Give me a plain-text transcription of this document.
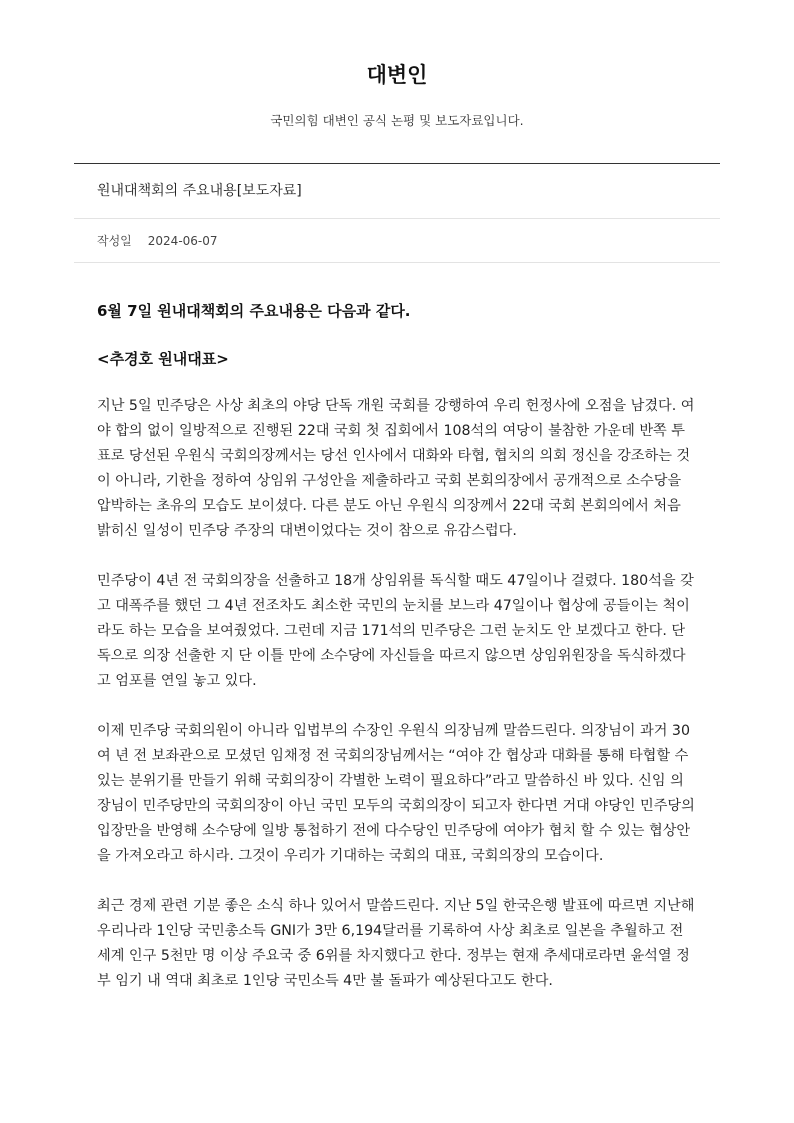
대변인
국민의힘 대변인 공식 논평 및 보도자료입니다.
원내대책회의 주요내용[보도자료]
작성일 2024-06-07

6월 7일 원내대책회의 주요내용은 다음과 같다.

<추경호 원내대표>

지난 5일 민주당은 사상 최초의 야당 단독 개원 국회를 강행하여 우리 헌정사에 오점을 남겼다. 여야 합의 없이 일방적으로 진행된 22대 국회 첫 집회에서 108석의 여당이 불참한 가운데 반쪽 투표로 당선된 우원식 국회의장께서는 당선 인사에서 대화와 타협, 협치의 의회 정신을 강조하는 것이 아니라, 기한을 정하여 상임위 구성안을 제출하라고 국회 본회의장에서 공개적으로 소수당을 압박하는 초유의 모습도 보이셨다. 다른 분도 아닌 우원식 의장께서 22대 국회 본회의에서 처음 밝히신 일성이 민주당 주장의 대변이었다는 것이 참으로 유감스럽다.

민주당이 4년 전 국회의장을 선출하고 18개 상임위를 독식할 때도 47일이나 걸렸다. 180석을 갖고 대폭주를 했던 그 4년 전조차도 최소한 국민의 눈치를 보느라 47일이나 협상에 공들이는 척이라도 하는 모습을 보여줬었다. 그런데 지금 171석의 민주당은 그런 눈치도 안 보겠다고 한다. 단독으로 의장 선출한 지 단 이틀 만에 소수당에 자신들을 따르지 않으면 상임위원장을 독식하겠다고 엄포를 연일 놓고 있다.

이제 민주당 국회의원이 아니라 입법부의 수장인 우원식 의장님께 말씀드린다. 의장님이 과거 30여 년 전 보좌관으로 모셨던 임채정 전 국회의장님께서는 “여야 간 협상과 대화를 통해 타협할 수 있는 분위기를 만들기 위해 국회의장이 각별한 노력이 필요하다”라고 말씀하신 바 있다. 신임 의장님이 민주당만의 국회의장이 아닌 국민 모두의 국회의장이 되고자 한다면 거대 야당인 민주당의 입장만을 반영해 소수당에 일방 통첩하기 전에 다수당인 민주당에 여야가 협치 할 수 있는 협상안을 가져오라고 하시라. 그것이 우리가 기대하는 국회의 대표, 국회의장의 모습이다.

최근 경제 관련 기분 좋은 소식 하나 있어서 말씀드린다. 지난 5일 한국은행 발표에 따르면 지난해 우리나라 1인당 국민총소득 GNI가 3만 6,194달러를 기록하여 사상 최초로 일본을 추월하고 전 세계 인구 5천만 명 이상 주요국 중 6위를 차지했다고 한다. 정부는 현재 추세대로라면 윤석열 정부 임기 내 역대 최초로 1인당 국민소득 4만 불 돌파가 예상된다고도 한다.
